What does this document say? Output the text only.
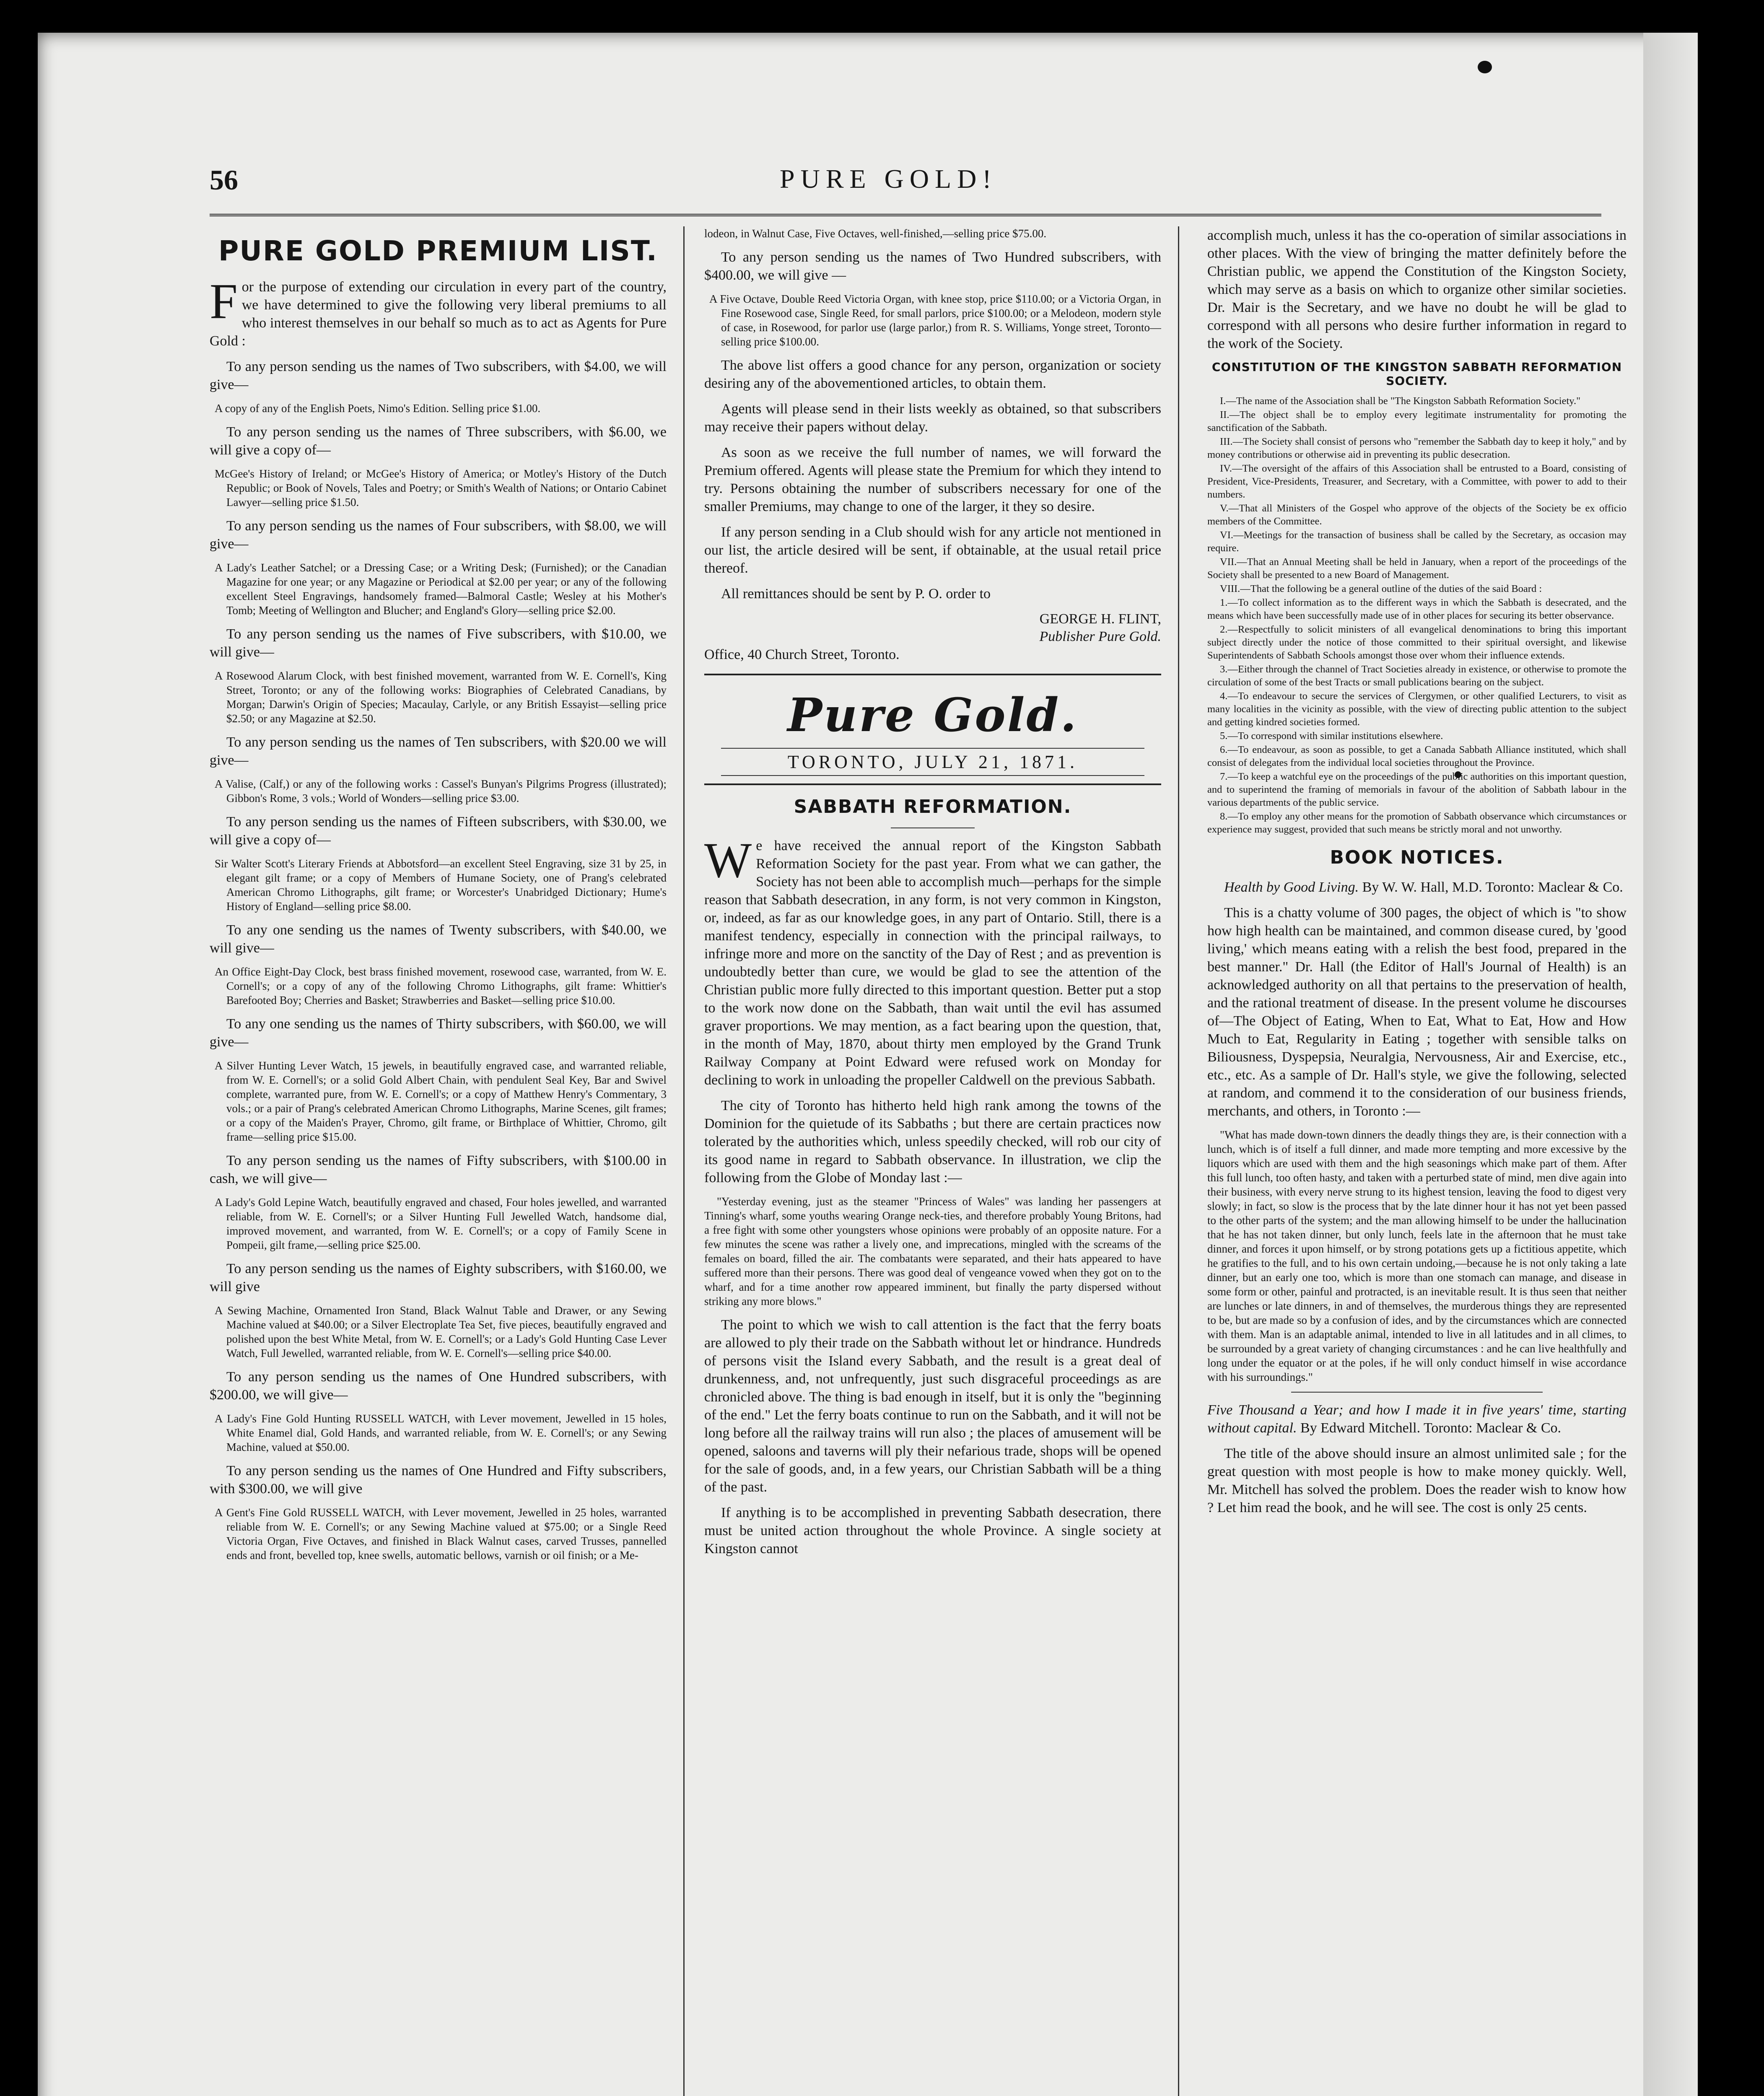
56	PURE GOLD!
PURE GOLD PREMIUM LIST.

For the purpose of extending our circulation in every part of the country, we have determined to give the following very liberal premiums to all who interest themselves in our behalf so much as to act as Agents for Pure Gold :

To any person sending us the names of Two subscribers, with $4.00, we will give—

A copy of any of the English Poets, Nimo's Edition. Selling price $1.00.

To any person sending us the names of Three subscribers, with $6.00, we will give a copy of—

McGee's History of Ireland; or McGee's History of America; or Motley's History of the Dutch Republic; or Book of Novels, Tales and Poetry; or Smith's Wealth of Nations; or Ontario Cabinet Lawyer—selling price $1.50.

To any person sending us the names of Four subscribers, with $8.00, we will give—

A Lady's Leather Satchel; or a Dressing Case; or a Writing Desk; (Furnished); or the Canadian Magazine for one year; or any Magazine or Periodical at $2.00 per year; or any of the following excellent Steel Engravings, handsomely framed—Balmoral Castle; Wesley at his Mother's Tomb; Meeting of Wellington and Blucher; and England's Glory—selling price $2.00.

To any person sending us the names of Five subscribers, with $10.00, we will give—

A Rosewood Alarum Clock, with best finished movement, warranted from W. E. Cornell's, King Street, Toronto; or any of the following works: Biographies of Celebrated Canadians, by Morgan; Darwin's Origin of Species; Macaulay, Carlyle, or any British Essayist—selling price $2.50; or any Magazine at $2.50.

To any person sending us the names of Ten subscribers, with $20.00 we will give—

A Valise, (Calf,) or any of the following works : Cassel's Bunyan's Pilgrims Progress (illustrated); Gibbon's Rome, 3 vols.; World of Wonders—selling price $3.00.

To any person sending us the names of Fifteen subscribers, with $30.00, we will give a copy of—

Sir Walter Scott's Literary Friends at Abbotsford—an excellent Steel Engraving, size 31 by 25, in elegant gilt frame; or a copy of Members of Humane Society, one of Prang's celebrated American Chromo Lithographs, gilt frame; or Worcester's Unabridged Dictionary; Hume's History of England—selling price $8.00.

To any one sending us the names of Twenty subscribers, with $40.00, we will give—

An Office Eight-Day Clock, best brass finished movement, rosewood case, warranted, from W. E. Cornell's; or a copy of any of the following Chromo Lithographs, gilt frame: Whittier's Barefooted Boy; Cherries and Basket; Strawberries and Basket—selling price $10.00.

To any one sending us the names of Thirty subscribers, with $60.00, we will give—

A Silver Hunting Lever Watch, 15 jewels, in beautifully engraved case, and warranted reliable, from W. E. Cornell's; or a solid Gold Albert Chain, with pendulent Seal Key, Bar and Swivel complete, warranted pure, from W. E. Cornell's; or a copy of Matthew Henry's Commentary, 3 vols.; or a pair of Prang's celebrated American Chromo Lithographs, Marine Scenes, gilt frames; or a copy of the Maiden's Prayer, Chromo, gilt frame, or Birthplace of Whittier, Chromo, gilt frame—selling price $15.00.

To any person sending us the names of Fifty subscribers, with $100.00 in cash, we will give—

A Lady's Gold Lepine Watch, beautifully engraved and chased, Four holes jewelled, and warranted reliable, from W. E. Cornell's; or a Silver Hunting Full Jewelled Watch, handsome dial, improved movement, and warranted, from W. E. Cornell's; or a copy of Family Scene in Pompeii, gilt frame,—selling price $25.00.

To any person sending us the names of Eighty subscribers, with $160.00, we will give

A Sewing Machine, Ornamented Iron Stand, Black Walnut Table and Drawer, or any Sewing Machine valued at $40.00; or a Silver Electroplate Tea Set, five pieces, beautifully engraved and polished upon the best White Metal, from W. E. Cornell's; or a Lady's Gold Hunting Case Lever Watch, Full Jewelled, warranted reliable, from W. E. Cornell's—selling price $40.00.

To any person sending us the names of One Hundred subscribers, with $200.00, we will give—

A Lady's Fine Gold Hunting RUSSELL WATCH, with Lever movement, Jewelled in 15 holes, White Enamel dial, Gold Hands, and warranted reliable, from W. E. Cornell's; or any Sewing Machine, valued at $50.00.

To any person sending us the names of One Hundred and Fifty subscribers, with $300.00, we will give

A Gent's Fine Gold RUSSELL WATCH, with Lever movement, Jewelled in 25 holes, warranted reliable from W. E. Cornell's; or any Sewing Machine valued at $75.00; or a Single Reed Victoria Organ, Five Octaves, and finished in Black Walnut cases, carved Trusses, pannelled ends and front, bevelled top, knee swells, automatic bellows, varnish or oil finish; or a Me-

lodeon, in Walnut Case, Five Octaves, well-finished,—selling price $75.00.

To any person sending us the names of Two Hundred subscribers, with $400.00, we will give —

A Five Octave, Double Reed Victoria Organ, with knee stop, price $110.00; or a Victoria Organ, in Fine Rosewood case, Single Reed, for small parlors, price $100.00; or a Melodeon, modern style of case, in Rosewood, for parlor use (large parlor,) from R. S. Williams, Yonge street, Toronto—selling price $100.00.

The above list offers a good chance for any person, organization or society desiring any of the abovementioned articles, to obtain them.

Agents will please send in their lists weekly as obtained, so that subscribers may receive their papers without delay.

As soon as we receive the full number of names, we will forward the Premium offered. Agents will please state the Premium for which they intend to try. Persons obtaining the number of subscribers necessary for one of the smaller Premiums, may change to one of the larger, it they so desire.

If any person sending in a Club should wish for any article not mentioned in our list, the article desired will be sent, if obtainable, at the usual retail price thereof.

All remittances should be sent by P. O. order to

GEORGE H. FLINT,

Publisher Pure Gold.

Office, 40 Church Street, Toronto.

Pure Gold.
TORONTO, JULY 21, 1871.
SABBATH REFORMATION.

We have received the annual report of the Kingston Sabbath Reformation Society for the past year. From what we can gather, the Society has not been able to accomplish much—perhaps for the simple reason that Sabbath desecration, in any form, is not very common in Kingston, or, indeed, as far as our knowledge goes, in any part of Ontario. Still, there is a manifest tendency, especially in connection with the principal railways, to infringe more and more on the sanctity of the Day of Rest ; and as prevention is undoubtedly better than cure, we would be glad to see the attention of the Christian public more fully directed to this important question. Better put a stop to the work now done on the Sabbath, than wait until the evil has assumed graver proportions. We may mention, as a fact bearing upon the question, that, in the month of May, 1870, about thirty men employed by the Grand Trunk Railway Company at Point Edward were refused work on Monday for declining to work in unloading the propeller Caldwell on the previous Sabbath.

The city of Toronto has hitherto held high rank among the towns of the Dominion for the quietude of its Sabbaths ; but there are certain practices now tolerated by the authorities which, unless speedily checked, will rob our city of its good name in regard to Sabbath observance. In illustration, we clip the following from the Globe of Monday last :—

"Yesterday evening, just as the steamer "Princess of Wales" was landing her passengers at Tinning's wharf, some youths wearing Orange neck-ties, and therefore probably Young Britons, had a free fight with some other youngsters whose opinions were probably of an opposite nature. For a few minutes the scene was rather a lively one, and imprecations, mingled with the screams of the females on board, filled the air. The combatants were separated, and their hats appeared to have suffered more than their persons. There was good deal of vengeance vowed when they got on to the wharf, and for a time another row appeared imminent, but finally the party dispersed without striking any more blows."

The point to which we wish to call attention is the fact that the ferry boats are allowed to ply their trade on the Sabbath without let or hindrance. Hundreds of persons visit the Island every Sabbath, and the result is a great deal of drunkenness, and, not unfrequently, just such disgraceful proceedings as are chronicled above. The thing is bad enough in itself, but it is only the "beginning of the end." Let the ferry boats continue to run on the Sabbath, and it will not be long before all the railway trains will run also ; the places of amusement will be opened, saloons and taverns will ply their nefarious trade, shops will be opened for the sale of goods, and, in a few years, our Christian Sabbath will be a thing of the past.

If anything is to be accomplished in preventing Sabbath desecration, there must be united action throughout the whole Province. A single society at Kingston cannot

accomplish much, unless it has the co-operation of similar associations in other places. With the view of bringing the matter definitely before the Christian public, we append the Constitution of the Kingston Society, which may serve as a basis on which to organize other similar societies. Dr. Mair is the Secretary, and we have no doubt he will be glad to correspond with all persons who desire further information in regard to the work of the Society.

CONSTITUTION OF THE KINGSTON SABBATH REFORMATION SOCIETY.

I.—The name of the Association shall be "The Kingston Sabbath Reformation Society."

II.—The object shall be to employ every legitimate instrumentality for promoting the sanctification of the Sabbath.

III.—The Society shall consist of persons who "remember the Sabbath day to keep it holy," and by money contributions or otherwise aid in preventing its public desecration.

IV.—The oversight of the affairs of this Association shall be entrusted to a Board, consisting of President, Vice-Presidents, Treasurer, and Secretary, with a Committee, with power to add to their numbers.

V.—That all Ministers of the Gospel who approve of the objects of the Society be ex officio members of the Committee.

VI.—Meetings for the transaction of business shall be called by the Secretary, as occasion may require.

VII.—That an Annual Meeting shall be held in January, when a report of the proceedings of the Society shall be presented to a new Board of Management.

VIII.—That the following be a general outline of the duties of the said Board :

1.—To collect information as to the different ways in which the Sabbath is desecrated, and the means which have been successfully made use of in other places for securing its better observance.

2.—Respectfully to solicit ministers of all evangelical denominations to bring this important subject directly under the notice of those committed to their spiritual oversight, and likewise Superintendents of Sabbath Schools amongst those over whom their influence extends.

3.—Either through the channel of Tract Societies already in existence, or otherwise to promote the circulation of some of the best Tracts or small publications bearing on the subject.

4.—To endeavour to secure the services of Clergymen, or other qualified Lecturers, to visit as many localities in the vicinity as possible, with the view of directing public attention to the subject and getting kindred societies formed.

5.—To correspond with similar institutions elsewhere.

6.—To endeavour, as soon as possible, to get a Canada Sabbath Alliance instituted, which shall consist of delegates from the individual local societies throughout the Province.

7.—To keep a watchful eye on the proceedings of the public authorities on this important question, and to superintend the framing of memorials in favour of the abolition of Sabbath labour in the various departments of the public service.

8.—To employ any other means for the promotion of Sabbath observance which circumstances or experience may suggest, provided that such means be strictly moral and not unworthy.

BOOK NOTICES.

Health by Good Living. By W. W. Hall, M.D. Toronto: Maclear & Co.

This is a chatty volume of 300 pages, the object of which is "to show how high health can be maintained, and common disease cured, by 'good living,' which means eating with a relish the best food, prepared in the best manner." Dr. Hall (the Editor of Hall's Journal of Health) is an acknowledged authority on all that pertains to the preservation of health, and the rational treatment of disease. In the present volume he discourses of—The Object of Eating, When to Eat, What to Eat, How and How Much to Eat, Regularity in Eating ; together with sensible talks on Biliousness, Dyspepsia, Neuralgia, Nervousness, Air and Exercise, etc., etc., etc. As a sample of Dr. Hall's style, we give the following, selected at random, and commend it to the consideration of our business friends, merchants, and others, in Toronto :—

"What has made down-town dinners the deadly things they are, is their connection with a lunch, which is of itself a full dinner, and made more tempting and more excessive by the liquors which are used with them and the high seasonings which make part of them. After this full lunch, too often hasty, and taken with a perturbed state of mind, men dive again into their business, with every nerve strung to its highest tension, leaving the food to digest very slowly; in fact, so slow is the process that by the late dinner hour it has not yet been passed to the other parts of the system; and the man allowing himself to be under the hallucination that he has not taken dinner, but only lunch, feels late in the afternoon that he must take dinner, and forces it upon himself, or by strong potations gets up a fictitious appetite, which he gratifies to the full, and to his own certain undoing,—because he is not only taking a late dinner, but an early one too, which is more than one stomach can manage, and disease in some form or other, painful and protracted, is an inevitable result. It is thus seen that neither are lunches or late dinners, in and of themselves, the murderous things they are represented to be, but are made so by a confusion of ides, and by the circumstances which are connected with them. Man is an adaptable animal, intended to live in all latitudes and in all climes, to be surrounded by a great variety of changing circumstances : and he can live healthfully and long under the equator or at the poles, if he will only conduct himself in wise accordance with his surroundings."

Five Thousand a Year; and how I made it in five years' time, starting without capital. By Edward Mitchell. Toronto: Maclear & Co.

The title of the above should insure an almost unlimited sale ; for the great question with most people is how to make money quickly. Well, Mr. Mitchell has solved the problem. Does the reader wish to know how ? Let him read the book, and he will see. The cost is only 25 cents.
